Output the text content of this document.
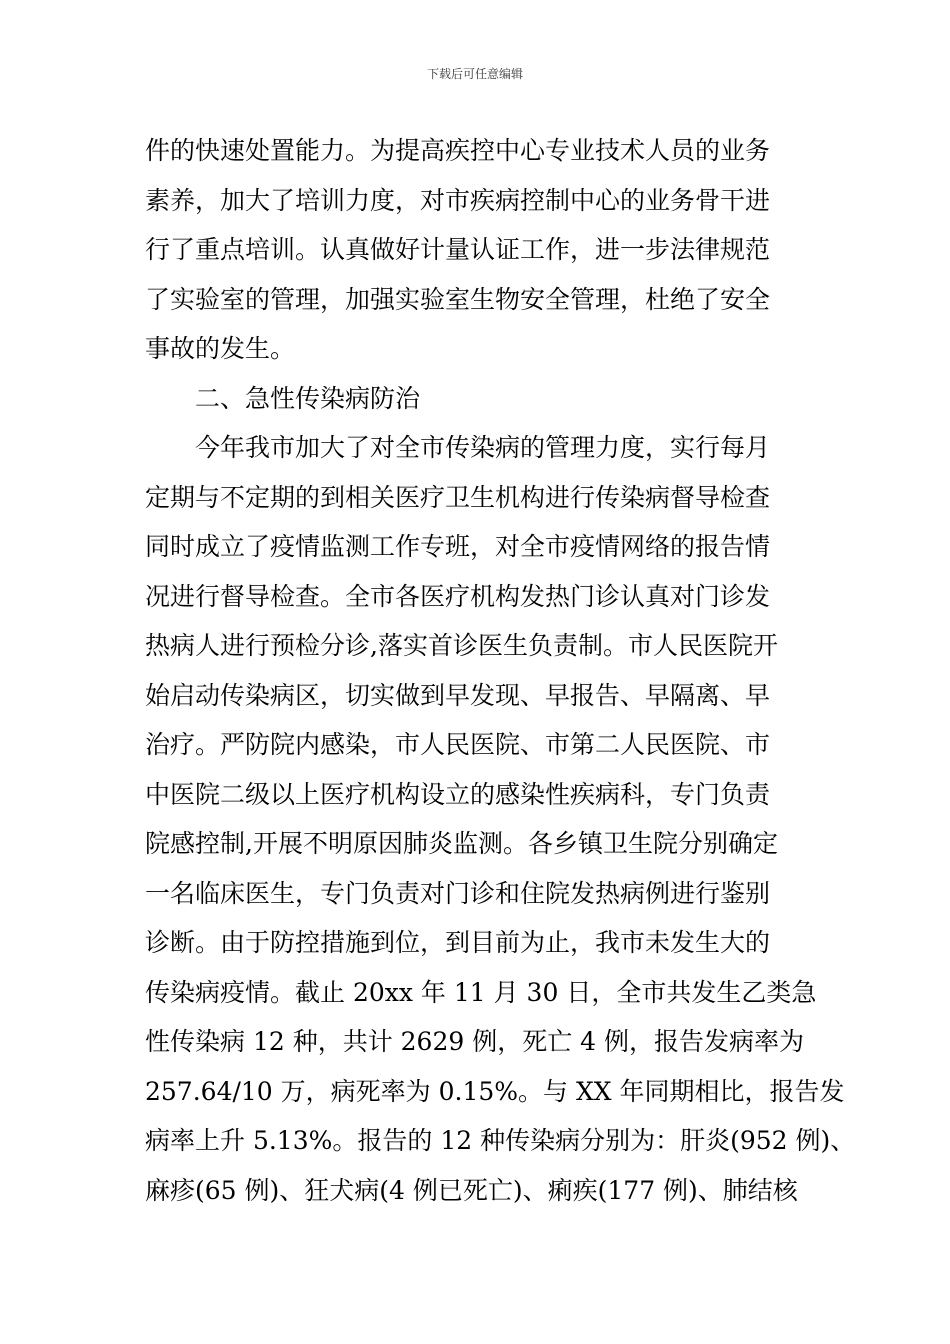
下载后可任意编辑
件的快速处置能力。为提高疾控中心专业技术人员的业务
素养，加大了培训力度，对市疾病控制中心的业务骨干进
行了重点培训。认真做好计量认证工作，进一步法律规范
了实验室的管理，加强实验室生物安全管理，杜绝了安全
事故的发生。
二、急性传染病防治
今年我市加大了对全市传染病的管理力度，实行每月
定期与不定期的到相关医疗卫生机构进行传染病督导检查
同时成立了疫情监测工作专班，对全市疫情网络的报告情
况进行督导检查。全市各医疗机构发热门诊认真对门诊发
热病人进行预检分诊,落实首诊医生负责制。市人民医院开
始启动传染病区，切实做到早发现、早报告、早隔离、早
治疗。严防院内感染，市人民医院、市第二人民医院、市
中医院二级以上医疗机构设立的感染性疾病科，专门负责
院感控制,开展不明原因肺炎监测。各乡镇卫生院分别确定
一名临床医生，专门负责对门诊和住院发热病例进行鉴别
诊断。由于防控措施到位，到目前为止，我市未发生大的
传染病疫情。截止 20xx 年 11 月 30 日，全市共发生乙类急
性传染病 12 种，共计 2629 例，死亡 4 例，报告发病率为
257.64/10 万，病死率为 0.15%。与 XX 年同期相比，报告发
病率上升 5.13%。报告的 12 种传染病分别为：肝炎(952 例)、
麻疹(65 例)、狂犬病(4 例已死亡)、痢疾(177 例)、肺结核
